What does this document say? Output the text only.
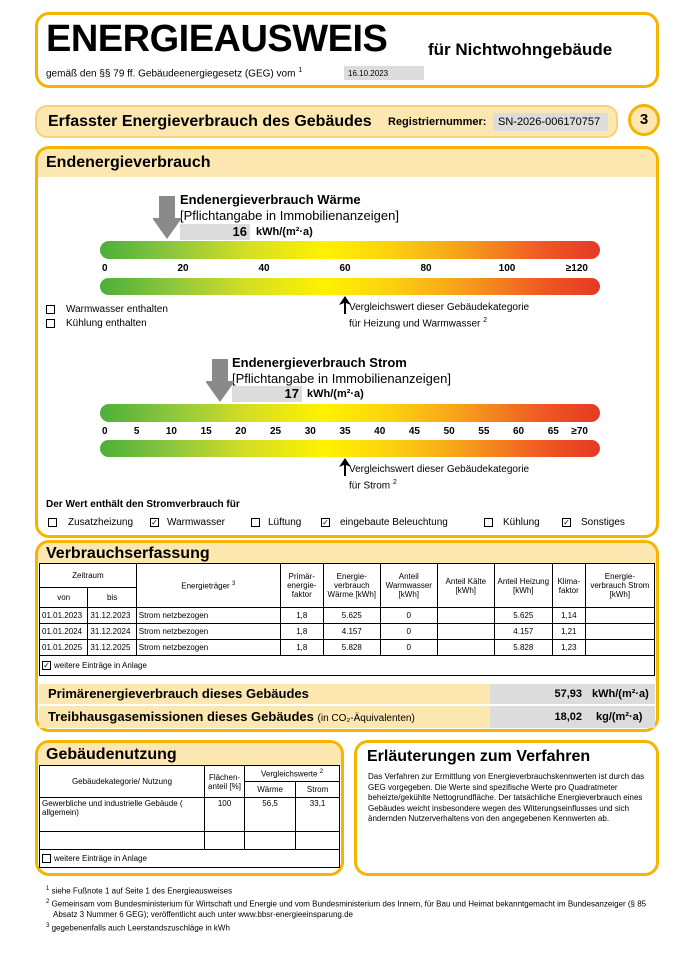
ENERGIEAUSWEIS für Nichtwohngebäude
gemäß den §§ 79 ff. Gebäudeenergiegesetz (GEG) vom $^1$	16.10.2023
Erfasster Energieverbrauch des Gebäudes Registriernummer:	SN-2026-006170757	3
Endenergieverbrauch
Endenergieverbrauch Wärme
[Pflichtangabe in Immobilienanzeigen]
16 kWh/(m²·a)
0	20	40	60	80	100	≥120
Vergleichswert dieser Gebäudekategorie
für Heizung und Warmwasser $^2$
Warmwasser enthalten
Kühlung enthalten
Endenergieverbrauch Strom
[Pflichtangabe in Immobilienanzeigen]
17 kWh/(m²·a)
0	5	10 15 20 25 30 35 40 45 50 55 60 65 ≥70
Vergleichswert dieser Gebäudekategorie
für Strom $^2$
Der Wert enthält den Stromverbrauch für
Zusatzheizung ✓ Warmwasser	Lüftung	✓ eingebaute Beleuchtung	Kühlung	✓ Sonstiges
Verbrauchserfassung
Zeitraum		Energieträger $^3$	Primär-energie-faktor	Energie-verbrauch Wärme [kWh]	Anteil Warmwasser [kWh]	Anteil Kälte [kWh]	Anteil Heizung [kWh]	Klima-faktor	Energie-verbrauch Strom [kWh]
von	bis								
01.01.2023	31.12.2023	Strom netzbezogen	1,8	5.625	0		5.625	1,14	
01.01.2024	31.12.2024	Strom netzbezogen	1,8	4.157	0		4.157	1,21	
01.01.2025	31.12.2025	Strom netzbezogen	1,8	5.828	0		5.828	1,23	
✓ weitere Einträge in Anlage									
Primärenergieverbrauch dieses Gebäudes	57,93 kWh/(m²·a)
Treibhausgasemissionen dieses Gebäudes (in CO₂-Äquivalenten)	18,02 kg/(m²·a)
Gebäudenutzung
Gebäudekategorie/ Nutzung	Flächen-anteil [%]	Vergleichswerte $^2$
		Wärme	Strom
Gewerbliche und industrielle Gebäude ( allgemein)	100	56,5	33,1

weitere Einträge in Anlage			
Erläuterungen zum Verfahren
Das Verfahren zur Ermittlung von Energieverbrauchskennwerten ist durch das GEG vorgegeben. Die Werte sind spezifische Werte pro Quadratmeter beheizte/gekühlte Nettogrundfläche. Der tatsächliche Energieverbrauch eines Gebäudes weicht insbesondere wegen des Witterungseinflusses und sich ändernden Nutzerverhaltens von den angegebenen Kennwerten ab.
$^1$ siehe Fußnote 1 auf Seite 1 des Energieausweises
$^2$ Gemeinsam vom Bundesministerium für Wirtschaft und Energie und vom Bundesministerium des Innern, für Bau und Heimat bekanntgemacht im Bundesanzeiger (§ 85 Absatz 3 Nummer 6 GEG); veröffentlicht auch unter www.bbsr-energieeinsparung.de
$^3$ gegebenenfalls auch Leerstandszuschläge in kWh
